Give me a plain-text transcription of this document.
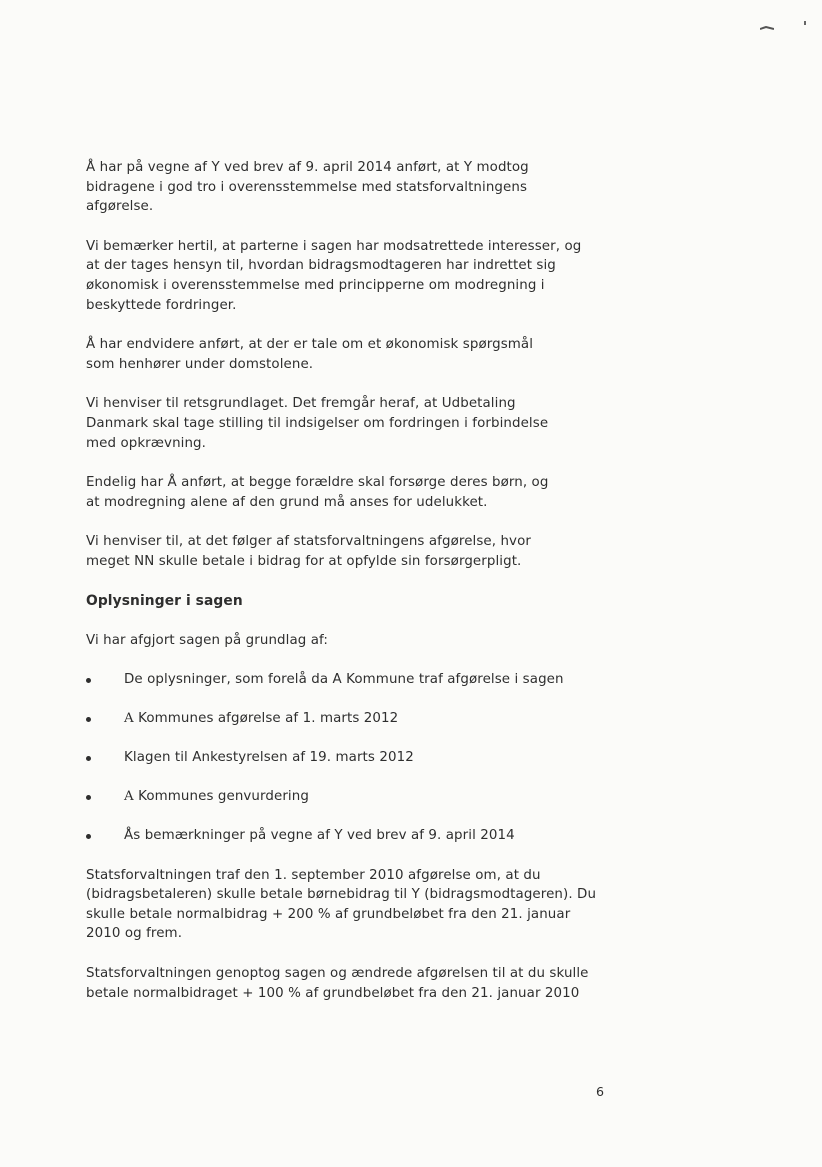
Å har på vegne af Y ved brev af 9. april 2014 anført, at Y modtog
bidragene i god tro i overensstemmelse med statsforvaltningens
afgørelse.

Vi bemærker hertil, at parterne i sagen har modsatrettede interesser, og
at der tages hensyn til, hvordan bidragsmodtageren har indrettet sig
økonomisk i overensstemmelse med principperne om modregning i
beskyttede fordringer.

Å har endvidere anført, at der er tale om et økonomisk spørgsmål
som henhører under domstolene.

Vi henviser til retsgrundlaget. Det fremgår heraf, at Udbetaling
Danmark skal tage stilling til indsigelser om fordringen i forbindelse
med opkrævning.

Endelig har Å anført, at begge forældre skal forsørge deres børn, og
at modregning alene af den grund må anses for udelukket.

Vi henviser til, at det følger af statsforvaltningens afgørelse, hvor
meget NN skulle betale i bidrag for at opfylde sin forsørgerpligt.

Oplysninger i sagen
Vi har afgjort sagen på grundlag af:
De oplysninger, som forelå da A Kommune traf afgørelse i sagen
A Kommunes afgørelse af 1. marts 2012
Klagen til Ankestyrelsen af 19. marts 2012
A Kommunes genvurdering
Ås bemærkninger på vegne af Y ved brev af 9. april 2014

Statsforvaltningen traf den 1. september 2010 afgørelse om, at du
(bidragsbetaleren) skulle betale børnebidrag til Y (bidragsmodtageren). Du
skulle betale normalbidrag + 200 % af grundbeløbet fra den 21. januar
2010 og frem.

Statsforvaltningen genoptog sagen og ændrede afgørelsen til at du skulle
betale normalbidraget + 100 % af grundbeløbet fra den 21. januar 2010

6
